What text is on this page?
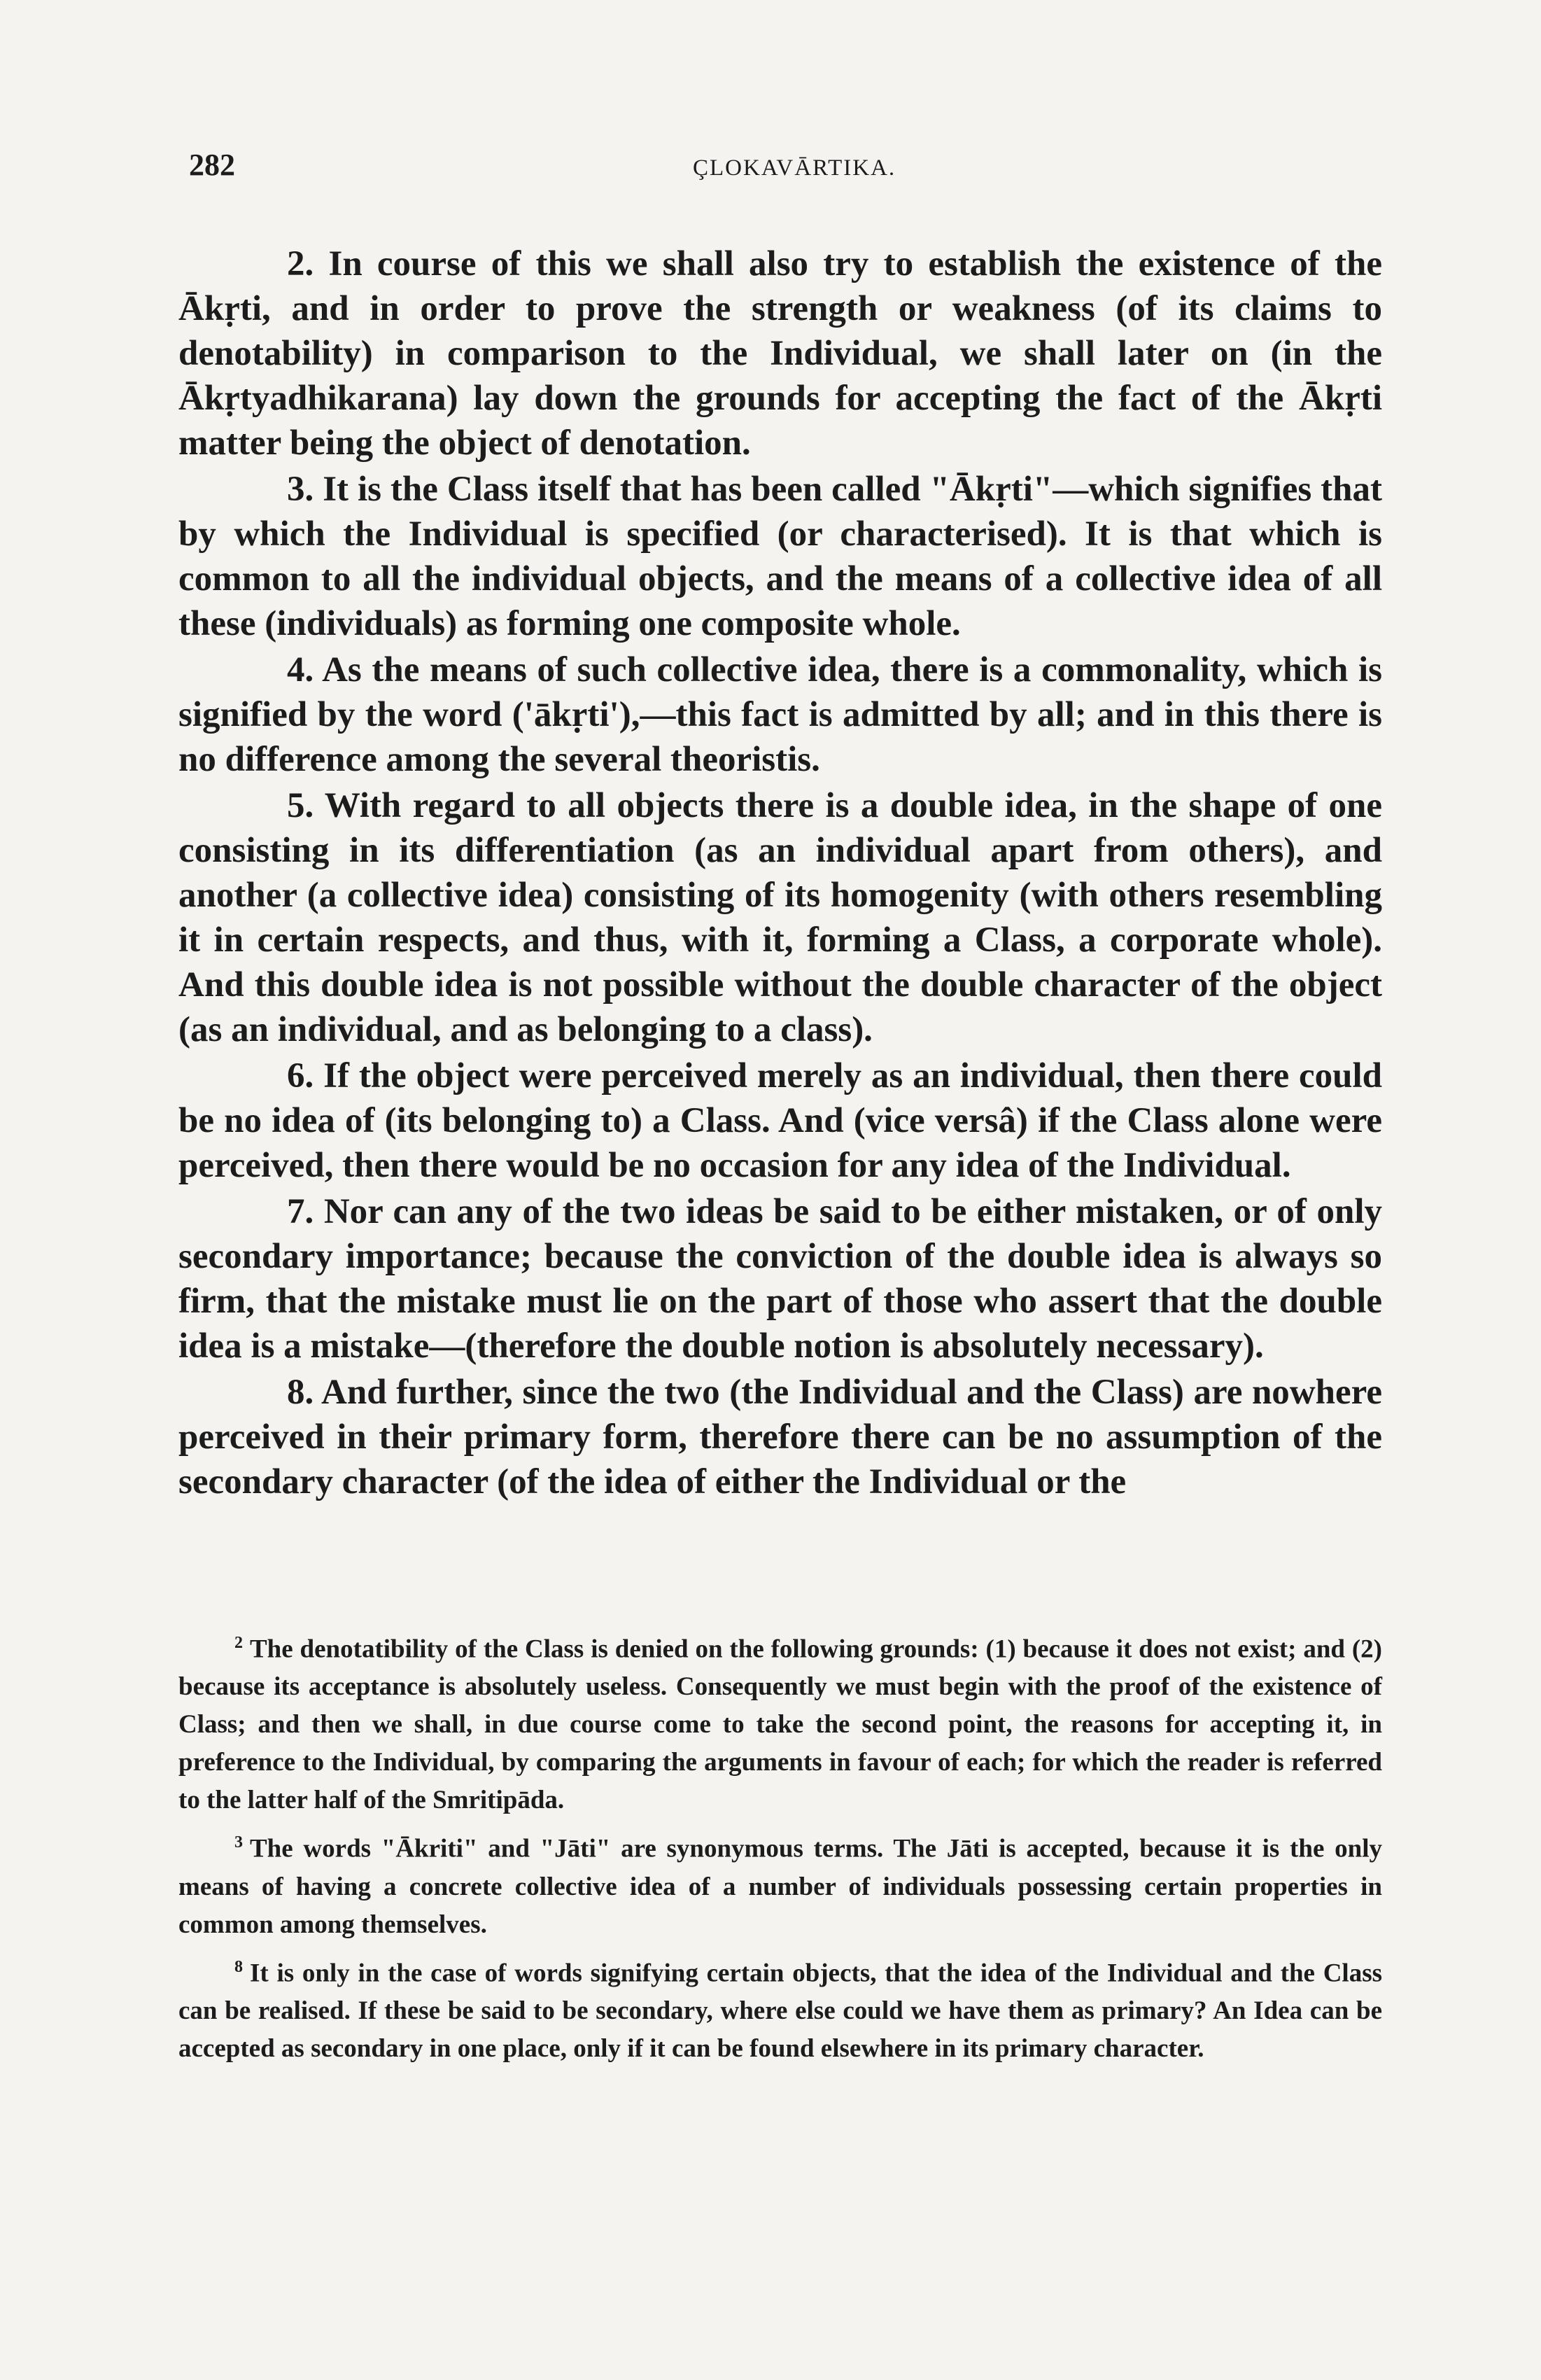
282	ÇLOKAVĀRTIKA.

2. In course of this we shall also try to establish the existence of the Ākṛti, and in order to prove the strength or weakness (of its claims to denotability) in comparison to the Individual, we shall later on (in the Ākṛtyadhikarana) lay down the grounds for accepting the fact of the Ākṛti matter being the object of denotation.

3. It is the Class itself that has been called "Ākṛti"—which signifies that by which the Individual is specified (or characterised). It is that which is common to all the individual objects, and the means of a collective idea of all these (individuals) as forming one composite whole.

4. As the means of such collective idea, there is a commonality, which is signified by the word ('ākṛti'),—this fact is admitted by all; and in this there is no difference among the several theoristis.

5. With regard to all objects there is a double idea, in the shape of one consisting in its differentiation (as an individual apart from others), and another (a collective idea) consisting of its homogenity (with others resembling it in certain respects, and thus, with it, forming a Class, a corporate whole). And this double idea is not possible without the double character of the object (as an individual, and as belonging to a class).

6. If the object were perceived merely as an individual, then there could be no idea of (its belonging to) a Class. And (vice versâ) if the Class alone were perceived, then there would be no occasion for any idea of the Individual.

7. Nor can any of the two ideas be said to be either mistaken, or of only secondary importance; because the conviction of the double idea is always so firm, that the mistake must lie on the part of those who assert that the double idea is a mistake—(therefore the double notion is absolutely necessary).

8. And further, since the two (the Individual and the Class) are nowhere perceived in their primary form, therefore there can be no assumption of the secondary character (of the idea of either the Individual or the

$^2$ The denotatibility of the Class is denied on the following grounds: (1) because it does not exist; and (2) because its acceptance is absolutely useless. Consequently we must begin with the proof of the existence of Class; and then we shall, in due course come to take the second point, the reasons for accepting it, in preference to the Individual, by comparing the arguments in favour of each; for which the reader is referred to the latter half of the Smritipāda.

$^3$ The words "Ākriti" and "Jāti" are synonymous terms. The Jāti is accepted, because it is the only means of having a concrete collective idea of a number of individuals possessing certain properties in common among themselves.

$^8$ It is only in the case of words signifying certain objects, that the idea of the Individual and the Class can be realised. If these be said to be secondary, where else could we have them as primary? An Idea can be accepted as secondary in one place, only if it can be found elsewhere in its primary character.
